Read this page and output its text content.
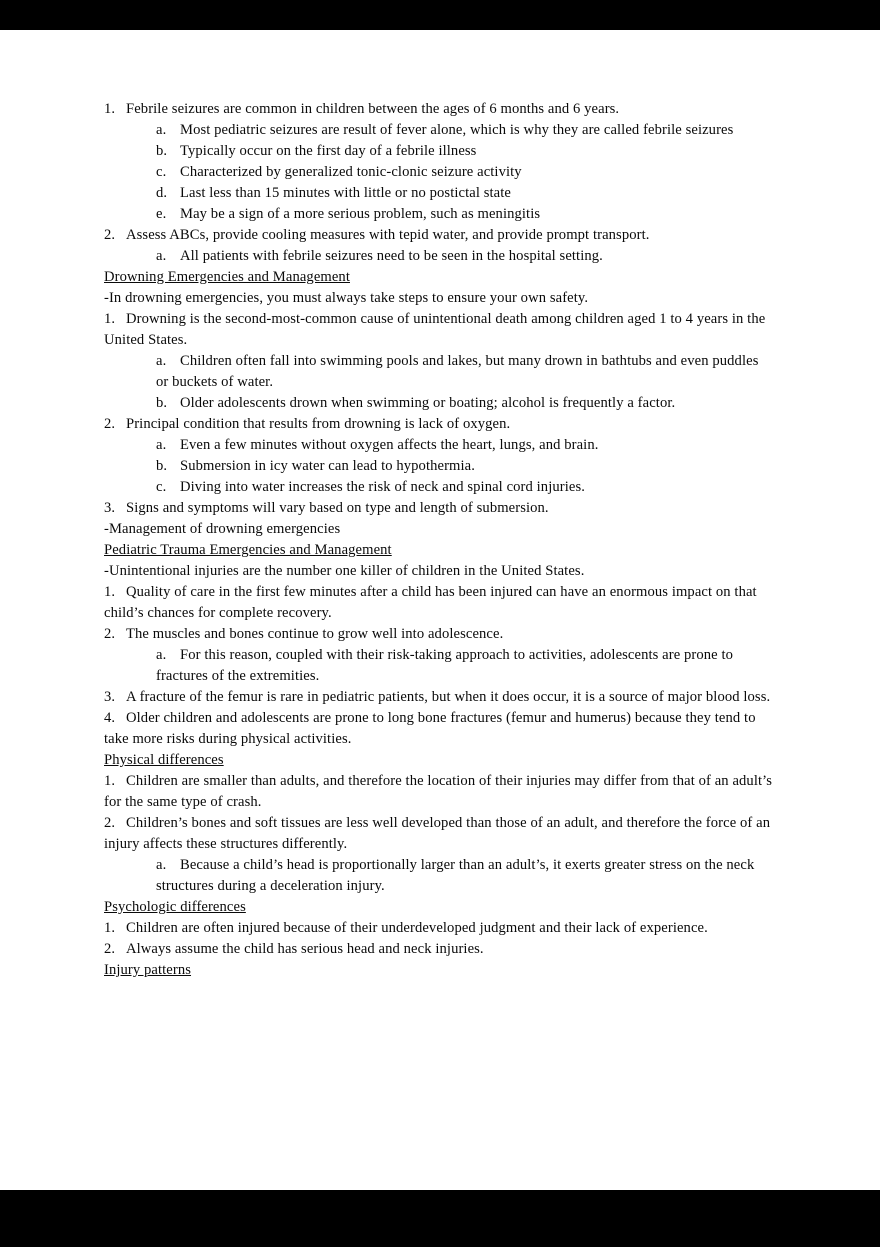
1. Febrile seizures are common in children between the ages of 6 months and 6 years.
a. Most pediatric seizures are result of fever alone, which is why they are called febrile seizures
b. Typically occur on the first day of a febrile illness
c. Characterized by generalized tonic-clonic seizure activity
d. Last less than 15 minutes with little or no postictal state
e. May be a sign of a more serious problem, such as meningitis
2. Assess ABCs, provide cooling measures with tepid water, and provide prompt transport.
a. All patients with febrile seizures need to be seen in the hospital setting.
Drowning Emergencies and Management
-In drowning emergencies, you must always take steps to ensure your own safety.
1. Drowning is the second-most-common cause of unintentional death among children aged 1 to 4 years in the United States.
a. Children often fall into swimming pools and lakes, but many drown in bathtubs and even puddles or buckets of water.
b. Older adolescents drown when swimming or boating; alcohol is frequently a factor.
2. Principal condition that results from drowning is lack of oxygen.
a. Even a few minutes without oxygen affects the heart, lungs, and brain.
b. Submersion in icy water can lead to hypothermia.
c. Diving into water increases the risk of neck and spinal cord injuries.
3. Signs and symptoms will vary based on type and length of submersion.
-Management of drowning emergencies
Pediatric Trauma Emergencies and Management
-Unintentional injuries are the number one killer of children in the United States.
1. Quality of care in the first few minutes after a child has been injured can have an enormous impact on that child’s chances for complete recovery.
2. The muscles and bones continue to grow well into adolescence.
a. For this reason, coupled with their risk-taking approach to activities, adolescents are prone to fractures of the extremities.
3. A fracture of the femur is rare in pediatric patients, but when it does occur, it is a source of major blood loss.
4. Older children and adolescents are prone to long bone fractures (femur and humerus) because they tend to take more risks during physical activities.
Physical differences
1. Children are smaller than adults, and therefore the location of their injuries may differ from that of an adult’s for the same type of crash.
2. Children’s bones and soft tissues are less well developed than those of an adult, and therefore the force of an injury affects these structures differently.
a. Because a child’s head is proportionally larger than an adult’s, it exerts greater stress on the neck structures during a deceleration injury.
Psychologic differences
1. Children are often injured because of their underdeveloped judgment and their lack of experience.
2. Always assume the child has serious head and neck injuries.
Injury patterns
